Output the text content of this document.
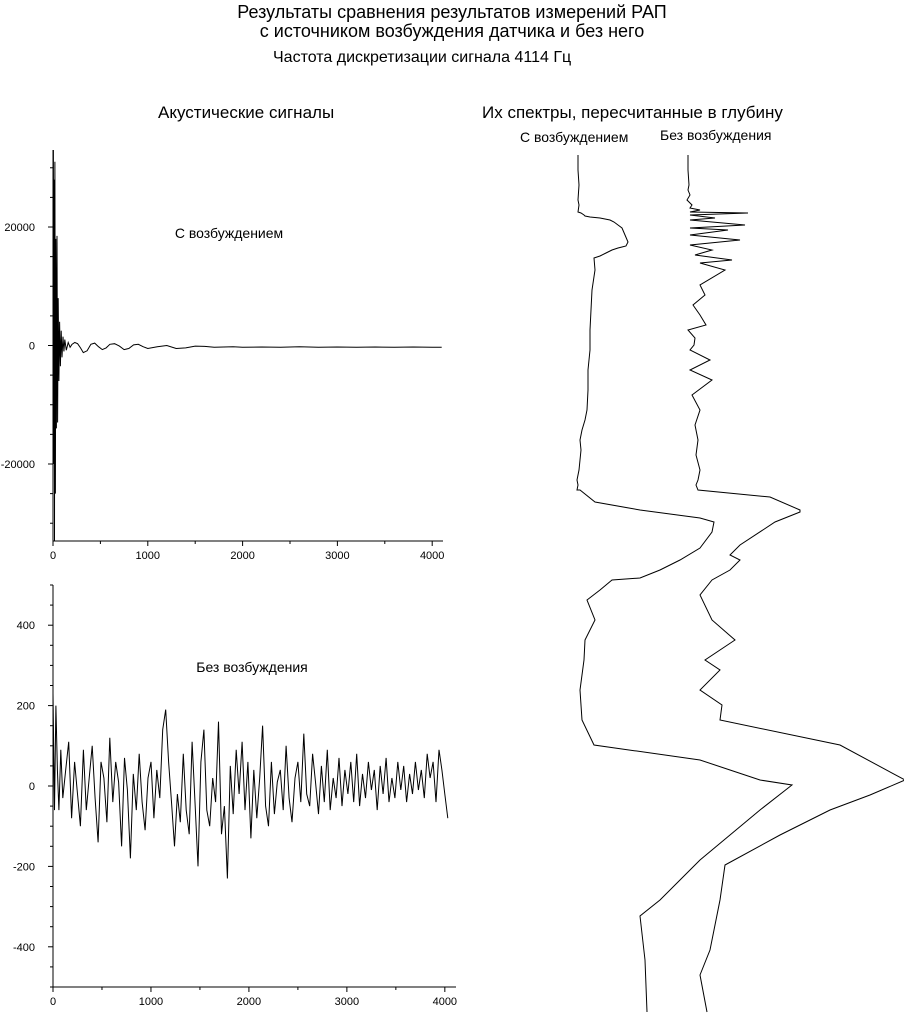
Результаты сравнения результатов измерений РАП
с источником возбуждения датчика и без него
Частота дискретизации сигнала 4114 Гц
Акустические сигналы	Их спектры, пересчитанные в глубину
С возбуждением Без возбуждения
0	1000	2000	3000	4000
-20000
0
20000	С возбуждением
0	1000	2000	3000	4000
-400
-200
0
200
400
Без возбуждения
